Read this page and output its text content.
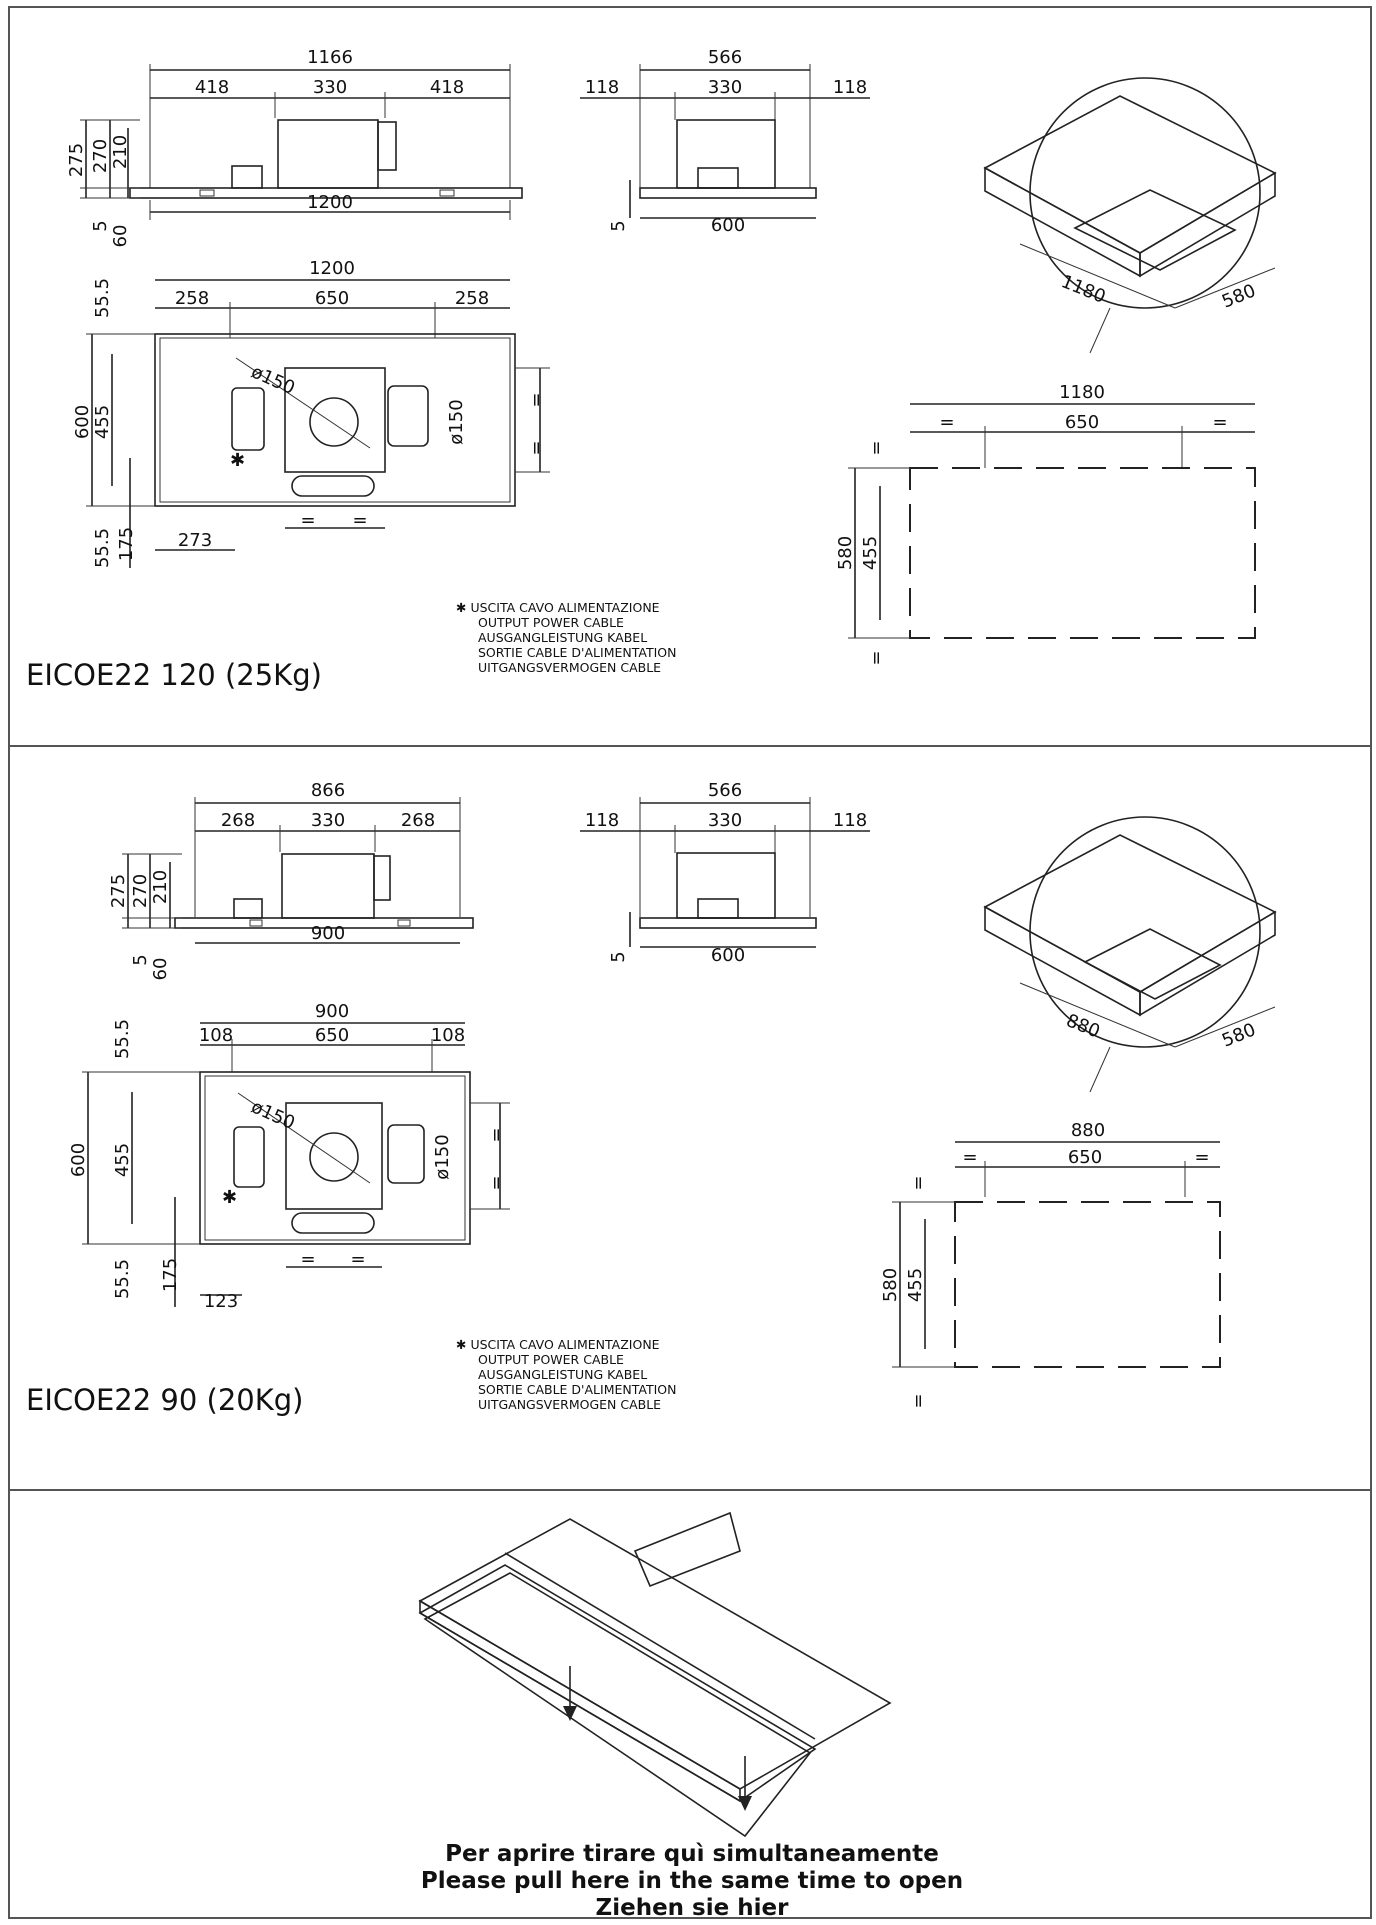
1166
418	330	418
1200
275 270 210
5 60
566
118	330	118
600
5
1200
258	650	258
ø150
ø150	=
=
= =
✱
600 455
55.5
55.5 175 273
1180	580
1180
=	650	=
580 455
=
=
✱ USCITA CAVO ALIMENTAZIONE
OUTPUT POWER CABLE
AUSGANGLEISTUNG KABEL
SORTIE CABLE D'ALIMENTATION
UITGANGSVERMOGEN CABLE
EICOE22 120 (25Kg)
866
268	330	268
900
275 270 210
5 60
566
118	330	118
600
5
900
108	650	108
ø150
ø150 =
=
= =
✱
600 455
55.5
55.5 175
123
880	580
880
=	650	=
580 455
=
=
✱ USCITA CAVO ALIMENTAZIONE
OUTPUT POWER CABLE
AUSGANGLEISTUNG KABEL
SORTIE CABLE D'ALIMENTATION
UITGANGSVERMOGEN CABLE
EICOE22 90 (20Kg)
Per aprire tirare quì simultaneamente
Please pull here in the same time to open
Ziehen sie hier
